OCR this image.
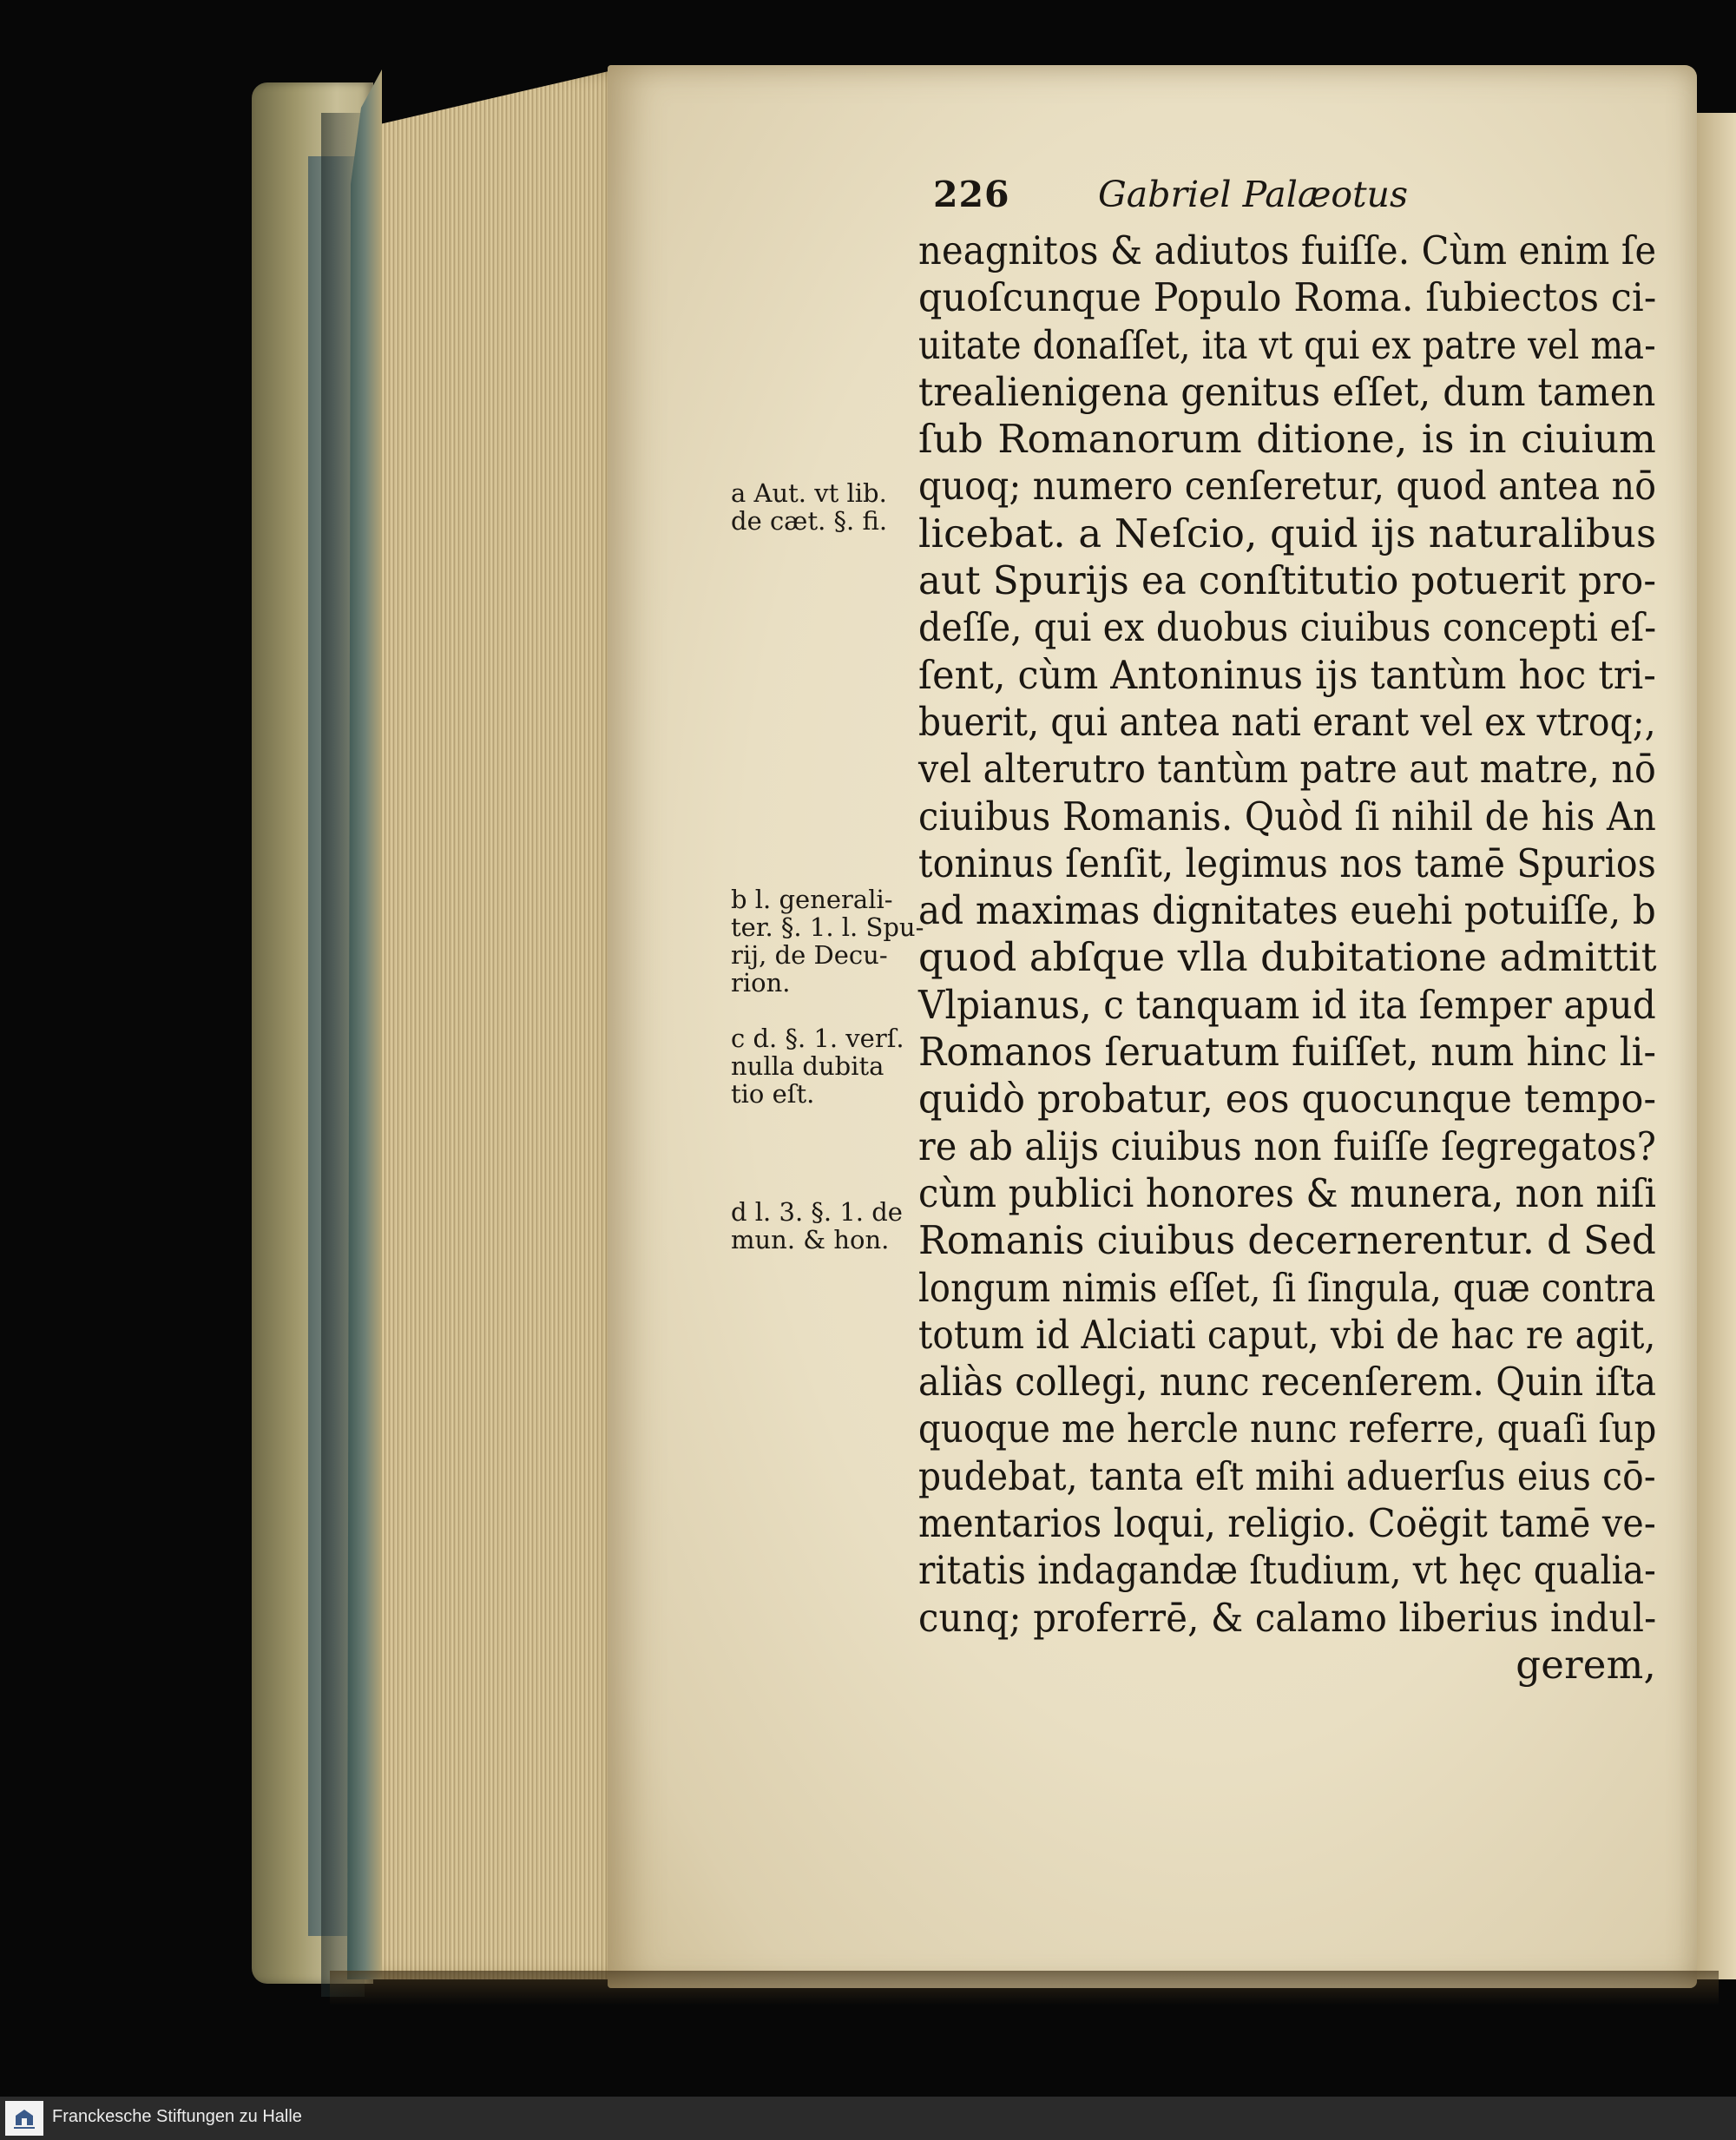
226 Gabriel Palæotus
neagnitos & adiutos fuiſſe. Cùm enim ſe
quoſcunque Populo Roma. ſubiectos ci-
uitate donaſſet, ita vt qui ex patre vel ma-
trealienigena genitus eſſet, dum tamen
ſub Romanorum ditione, is in ciuium
quoq; numero cenſeretur, quod antea nō
licebat. a Neſcio, quid ijs naturalibus
aut Spurijs ea conſtitutio potuerit pro-
deſſe, qui ex duobus ciuibus concepti eſ-
ſent, cùm Antoninus ijs tantùm hoc tri-
buerit, qui antea nati erant vel ex vtroq;,
vel alterutro tantùm patre aut matre, nō
ciuibus Romanis. Quòd ſi nihil de his An
toninus ſenſit, legimus nos tamē Spurios
ad maximas dignitates euehi potuiſſe, b
quod abſque vlla dubitatione admittit
Vlpianus, c tanquam id ita ſemper apud
Romanos ſeruatum fuiſſet, num hinc li-
quidò probatur, eos quocunque tempo-
re ab alijs ciuibus non fuiſſe ſegregatos?
cùm publici honores & munera, non niſi
Romanis ciuibus decernerentur. d Sed
longum nimis eſſet, ſi ſingula, quæ contra
totum id Alciati caput, vbi de hac re agit,
aliàs collegi, nunc recenſerem. Quin iſta
quoque me hercle nunc referre, quaſi ſup
pudebat, tanta eſt mihi aduerſus eius cō-
mentarios loqui, religio. Coëgit tamē ve-
ritatis indagandæ ſtudium, vt hęc qualia-
cunq; proferrē, & calamo liberius indul-
gerem,
a Aut. vt lib.
de cæt. §. fi.
b l. generali-
ter. §. 1. l. Spu-
rij, de Decu-
rion.
c d. §. 1. verſ.
nulla dubita
tio eſt.
d l. 3. §. 1. de
mun. & hon.
Franckesche Stiftungen zu Halle
